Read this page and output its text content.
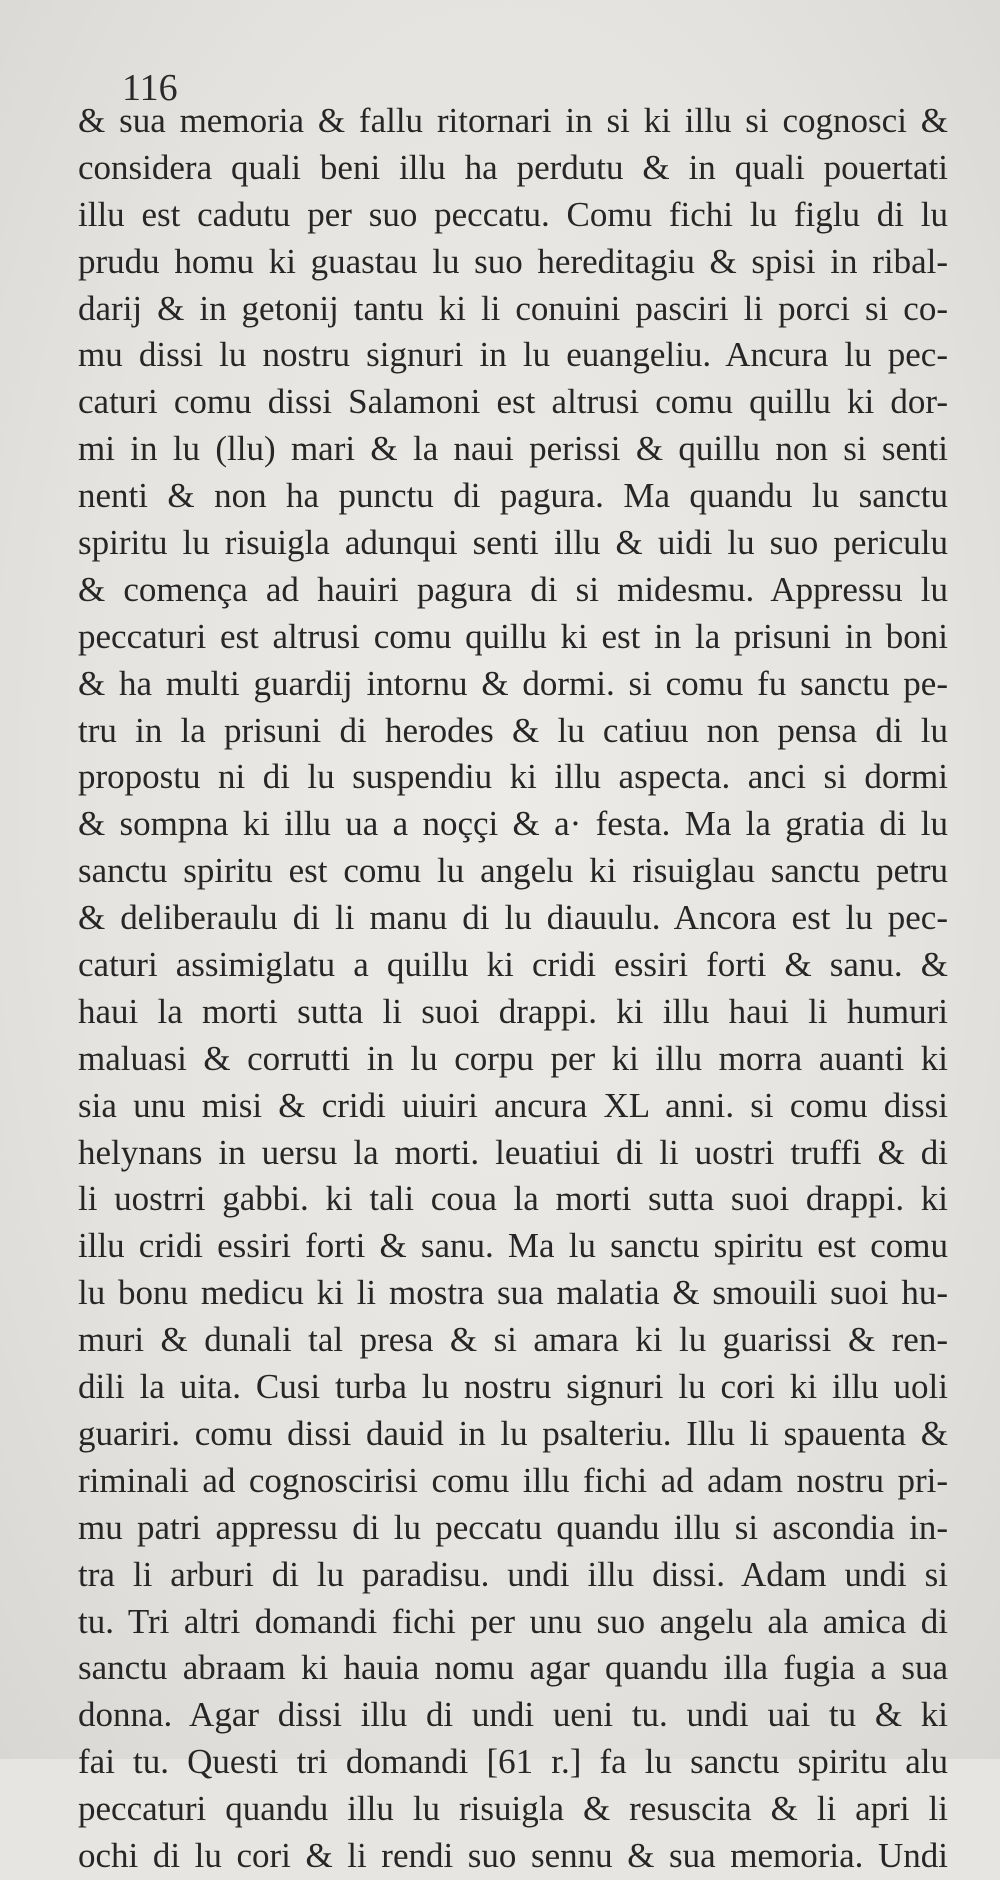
116

& sua memoria & fallu ritornari in si ki illu si cognosci &
considera quali beni illu ha perdutu & in quali pouertati
illu est cadutu per suo peccatu. Comu fichi lu figlu di lu
prudu homu ki guastau lu suo hereditagiu & spisi in ribal-
darij & in getonij tantu ki li conuini pasciri li porci si co-
mu dissi lu nostru signuri in lu euangeliu. Ancura lu pec-
caturi comu dissi Salamoni est altrusi comu quillu ki dor-
mi in lu (llu) mari & la naui perissi & quillu non si senti
nenti & non ha punctu di pagura. Ma quandu lu sanctu
spiritu lu risuigla adunqui senti illu & uidi lu suo periculu
& comença ad hauiri pagura di si midesmu. Appressu lu
peccaturi est altrusi comu quillu ki est in la prisuni in boni
& ha multi guardij intornu & dormi. si comu fu sanctu pe-
tru in la prisuni di herodes & lu catiuu non pensa di lu
propostu ni di lu suspendiu ki illu aspecta. anci si dormi
& sompna ki illu ua a noççi & a· festa. Ma la gratia di lu
sanctu spiritu est comu lu angelu ki risuiglau sanctu petru
& deliberaulu di li manu di lu diauulu. Ancora est lu pec-
caturi assimiglatu a quillu ki cridi essiri forti & sanu. &
haui la morti sutta li suoi drappi. ki illu haui li humuri
maluasi & corrutti in lu corpu per ki illu morra auanti ki
sia unu misi & cridi uiuiri ancura XL anni. si comu dissi
helynans in uersu la morti. leuatiui di li uostri truffi & di
li uostrri gabbi. ki tali coua la morti sutta suoi drappi. ki
illu cridi essiri forti & sanu. Ma lu sanctu spiritu est comu
lu bonu medicu ki li mostra sua malatia & smouili suoi hu-
muri & dunali tal presa & si amara ki lu guarissi & ren-
dili la uita. Cusi turba lu nostru signuri lu cori ki illu uoli
guariri. comu dissi dauid in lu psalteriu. Illu li spauenta &
riminali ad cognoscirisi comu illu fichi ad adam nostru pri-
mu patri appressu di lu peccatu quandu illu si ascondia in-
tra li arburi di lu paradisu. undi illu dissi. Adam undi si
tu. Tri altri domandi fichi per unu suo angelu ala amica di
sanctu abraam ki hauia nomu agar quandu illa fugia a sua
donna. Agar dissi illu di undi ueni tu. undi uai tu & ki
fai tu. Questi tri domandi [61 r.] fa lu sanctu spiritu alu
peccaturi quandu illu lu risuigla & resuscita & li apri li
ochi di lu cori & li rendi suo sennu & sua memoria. Undi
